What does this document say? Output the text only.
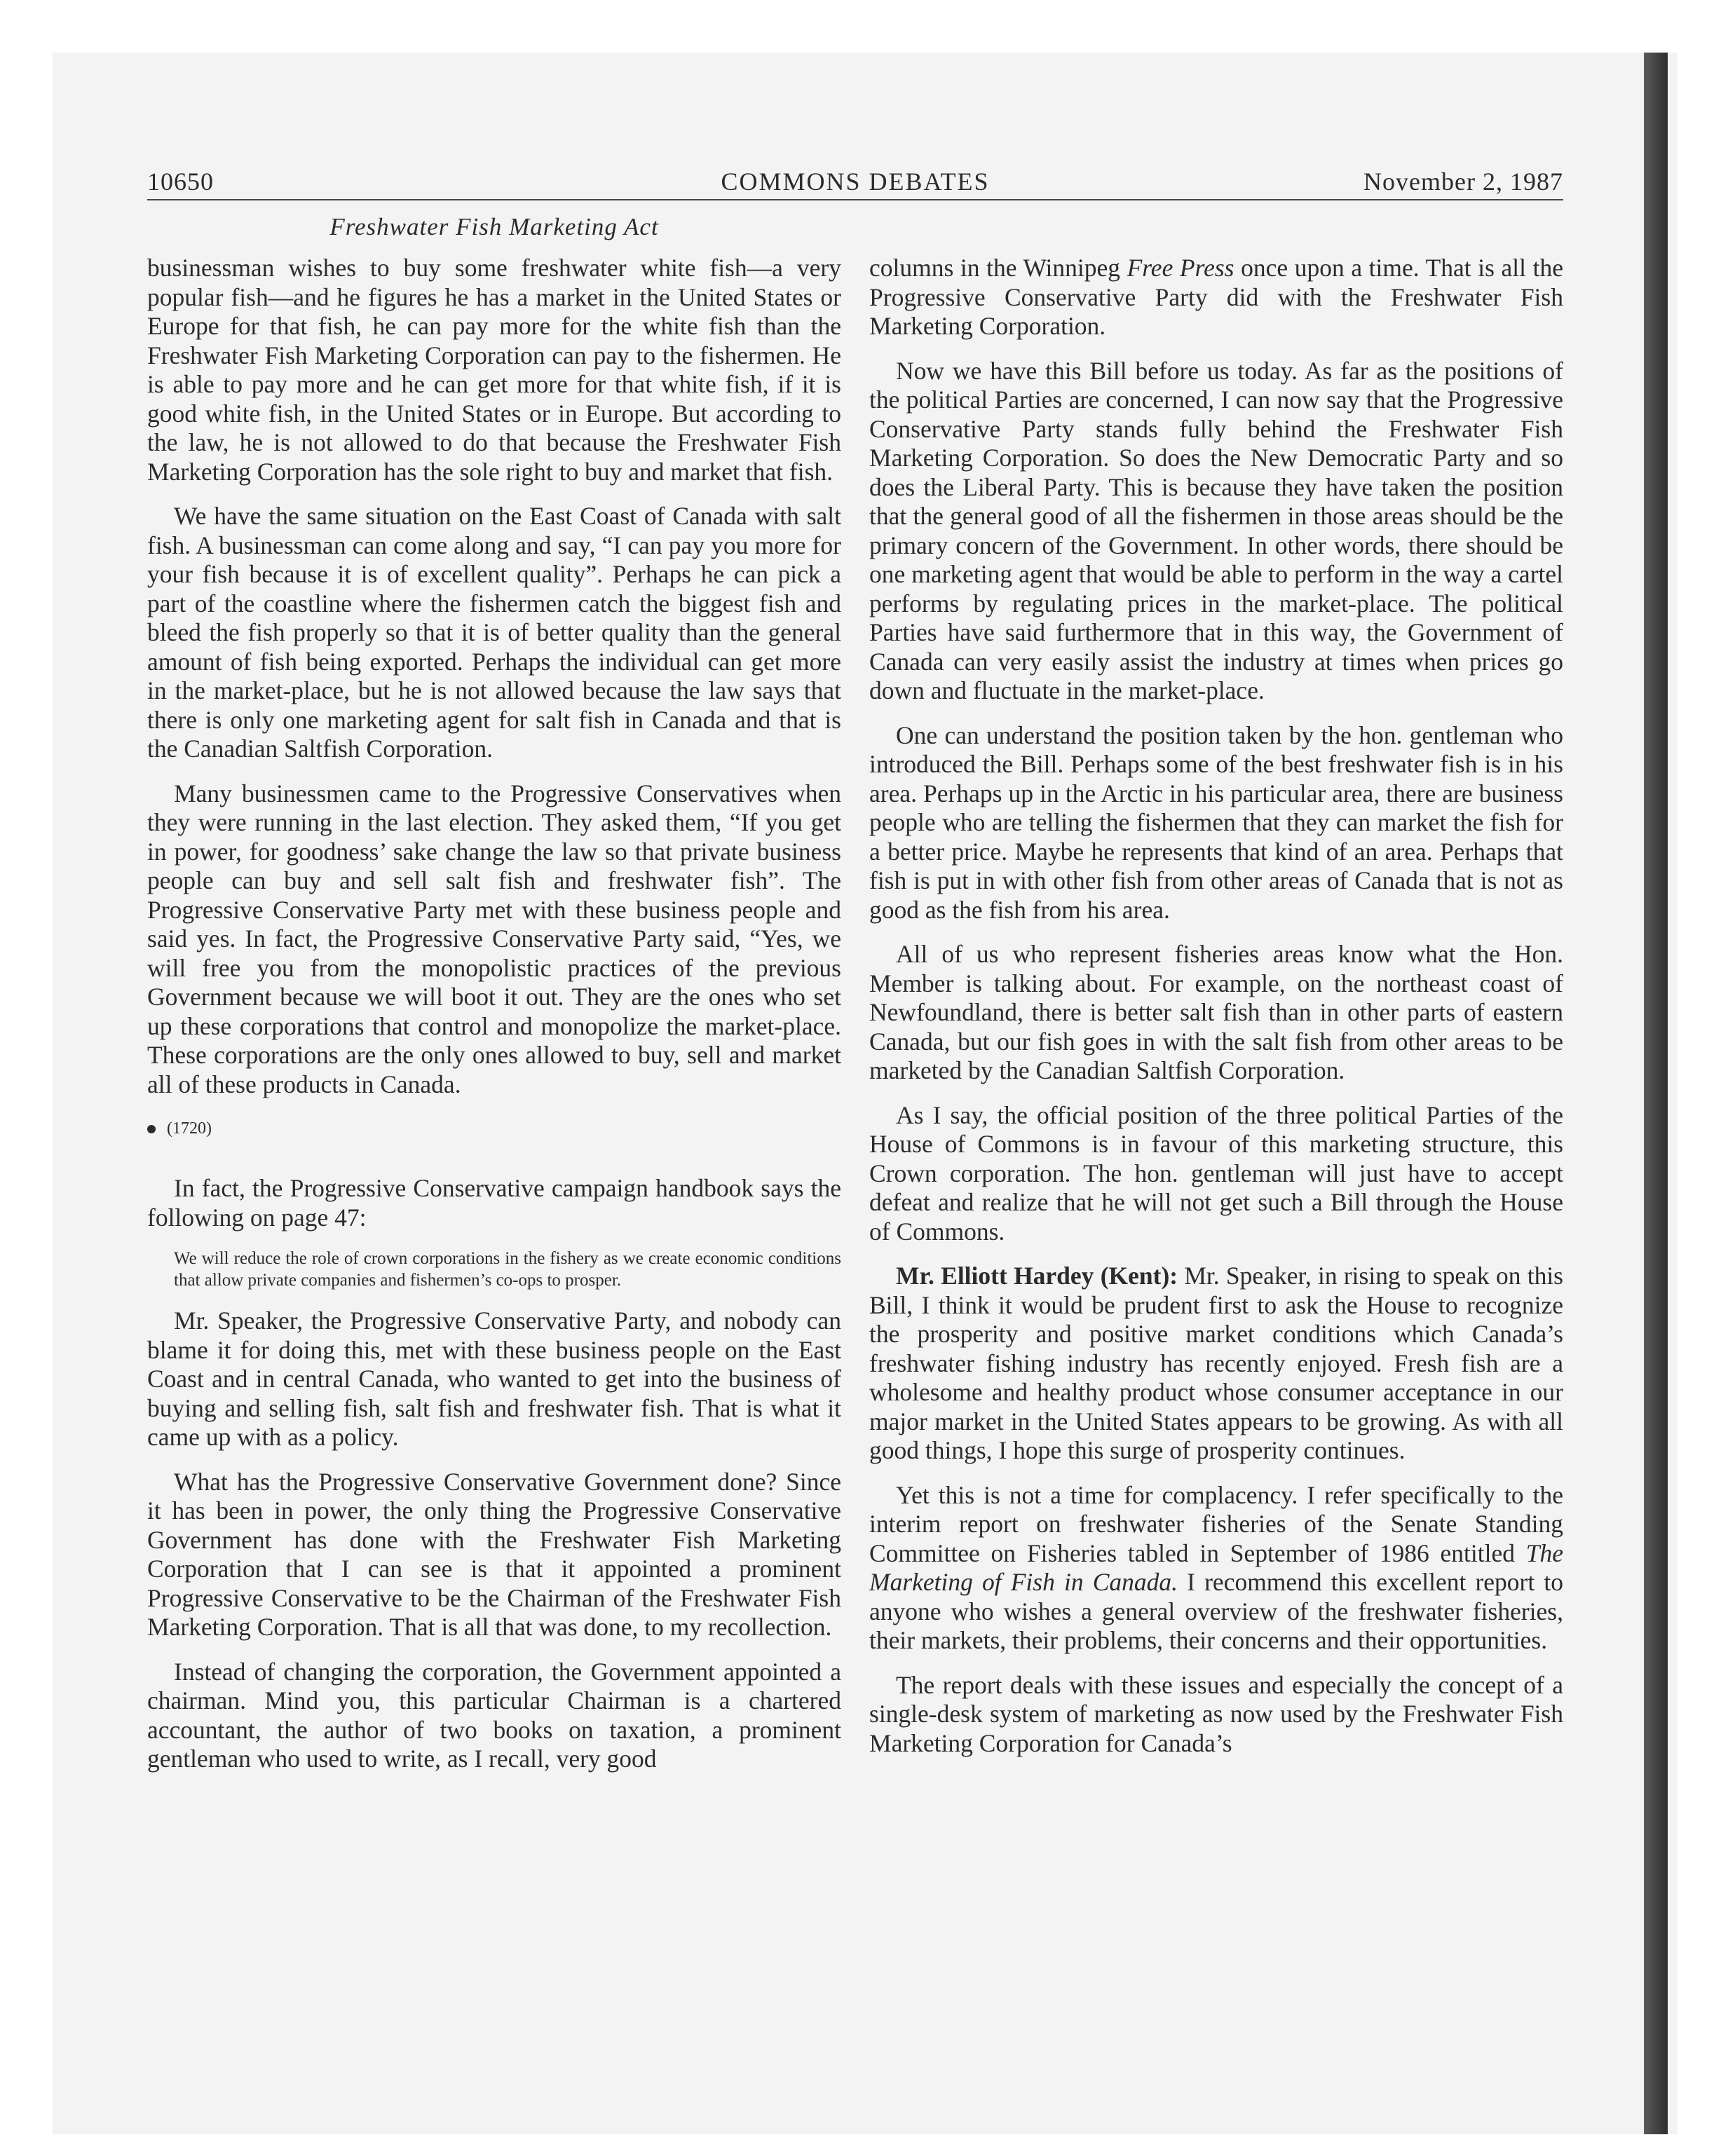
10650	COMMONS DEBATES	November 2, 1987
Freshwater Fish Marketing Act

businessman wishes to buy some freshwater white fish—a very popular fish—and he figures he has a market in the United States or Europe for that fish, he can pay more for the white fish than the Freshwater Fish Marketing Corporation can pay to the fishermen. He is able to pay more and he can get more for that white fish, if it is good white fish, in the United States or in Europe. But according to the law, he is not allowed to do that because the Freshwater Fish Marketing Corporation has the sole right to buy and market that fish.

We have the same situation on the East Coast of Canada with salt fish. A businessman can come along and say, “I can pay you more for your fish because it is of excellent quality”. Perhaps he can pick a part of the coastline where the fishermen catch the biggest fish and bleed the fish properly so that it is of better quality than the general amount of fish being exported. Perhaps the individual can get more in the market-place, but he is not allowed because the law says that there is only one marketing agent for salt fish in Canada and that is the Canadian Saltfish Corporation.

Many businessmen came to the Progressive Conservatives when they were running in the last election. They asked them, “If you get in power, for goodness’ sake change the law so that private business people can buy and sell salt fish and freshwater fish”. The Progressive Conservative Party met with these business people and said yes. In fact, the Progressive Conservative Party said, “Yes, we will free you from the monopolistic practices of the previous Government because we will boot it out. They are the ones who set up these corporations that control and monopolize the market-place. These corporations are the only ones allowed to buy, sell and market all of these products in Canada.

(1720)

In fact, the Progressive Conservative campaign handbook says the following on page 47:

We will reduce the role of crown corporations in the fishery as we create economic conditions that allow private companies and fishermen’s co-ops to prosper.

Mr. Speaker, the Progressive Conservative Party, and nobody can blame it for doing this, met with these business people on the East Coast and in central Canada, who wanted to get into the business of buying and selling fish, salt fish and freshwater fish. That is what it came up with as a policy.

What has the Progressive Conservative Government done? Since it has been in power, the only thing the Progressive Conservative Government has done with the Freshwater Fish Marketing Corporation that I can see is that it appointed a prominent Progressive Conservative to be the Chairman of the Freshwater Fish Marketing Corporation. That is all that was done, to my recollection.

Instead of changing the corporation, the Government appointed a chairman. Mind you, this particular Chairman is a chartered accountant, the author of two books on taxation, a prominent gentleman who used to write, as I recall, very good

columns in the Winnipeg Free Press once upon a time. That is all the Progressive Conservative Party did with the Freshwater Fish Marketing Corporation.

Now we have this Bill before us today. As far as the positions of the political Parties are concerned, I can now say that the Progressive Conservative Party stands fully behind the Freshwater Fish Marketing Corporation. So does the New Democratic Party and so does the Liberal Party. This is because they have taken the position that the general good of all the fishermen in those areas should be the primary concern of the Government. In other words, there should be one marketing agent that would be able to perform in the way a cartel performs by regulating prices in the market-place. The political Parties have said furthermore that in this way, the Government of Canada can very easily assist the industry at times when prices go down and fluctuate in the market-place.

One can understand the position taken by the hon. gentleman who introduced the Bill. Perhaps some of the best freshwater fish is in his area. Perhaps up in the Arctic in his particular area, there are business people who are telling the fishermen that they can market the fish for a better price. Maybe he represents that kind of an area. Perhaps that fish is put in with other fish from other areas of Canada that is not as good as the fish from his area.

All of us who represent fisheries areas know what the Hon. Member is talking about. For example, on the northeast coast of Newfoundland, there is better salt fish than in other parts of eastern Canada, but our fish goes in with the salt fish from other areas to be marketed by the Canadian Saltfish Corporation.

As I say, the official position of the three political Parties of the House of Commons is in favour of this marketing structure, this Crown corporation. The hon. gentleman will just have to accept defeat and realize that he will not get such a Bill through the House of Commons.

Mr. Elliott Hardey (Kent): Mr. Speaker, in rising to speak on this Bill, I think it would be prudent first to ask the House to recognize the prosperity and positive market conditions which Canada’s freshwater fishing industry has recently enjoyed. Fresh fish are a wholesome and healthy product whose consumer acceptance in our major market in the United States appears to be growing. As with all good things, I hope this surge of prosperity continues.

Yet this is not a time for complacency. I refer specifically to the interim report on freshwater fisheries of the Senate Standing Committee on Fisheries tabled in September of 1986 entitled The Marketing of Fish in Canada. I recommend this excellent report to anyone who wishes a general overview of the freshwater fisheries, their markets, their problems, their concerns and their opportunities.

The report deals with these issues and especially the concept of a single-desk system of marketing as now used by the Freshwater Fish Marketing Corporation for Canada’s
